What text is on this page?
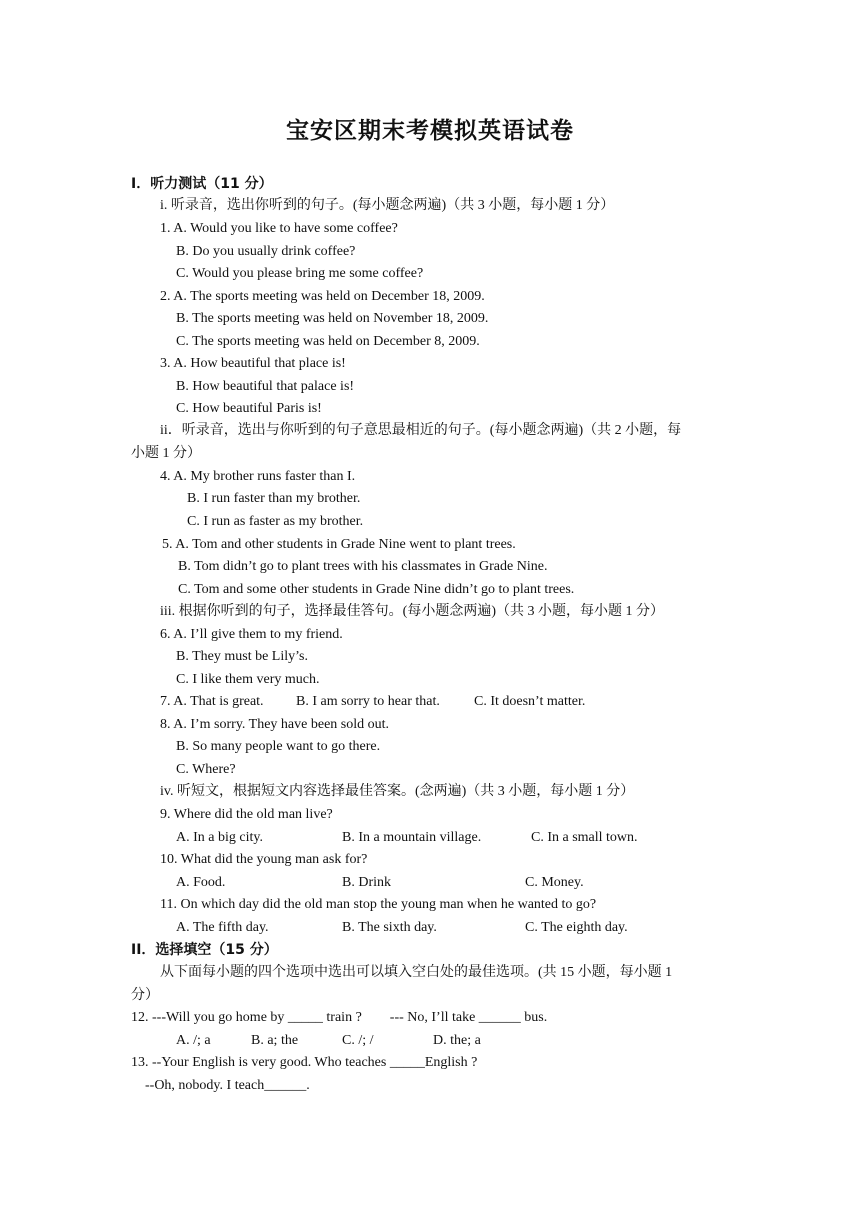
宝安区期末考模拟英语试卷
I．听力测试（11 分）
i. 听录音，选出你听到的句子。(每小题念两遍)（共 3 小题，每小题 1 分）
1. A. Would you like to have some coffee?
B. Do you usually drink coffee?
C. Would you please bring me some coffee?
2. A. The sports meeting was held on December 18, 2009.
B. The sports meeting was held on November 18, 2009.
C. The sports meeting was held on December 8, 2009.
3. A. How beautiful that place is!
B. How beautiful that palace is!
C. How beautiful Paris is!
ii．听录音，选出与你听到的句子意思最相近的句子。(每小题念两遍)（共 2 小题，每
小题 1 分）
4. A. My brother runs faster than I.
B. I run faster than my brother.
C. I run as faster as my brother.
5. A. Tom and other students in Grade Nine went to plant trees.
B. Tom didn’t go to plant trees with his classmates in Grade Nine.
C. Tom and some other students in Grade Nine didn’t go to plant trees.
iii. 根据你听到的句子，选择最佳答句。(每小题念两遍)（共 3 小题，每小题 1 分）
6. A. I’ll give them to my friend.
B. They must be Lily’s.
C. I like them very much.
7. A. That is great. B. I am sorry to hear that. C. It doesn’t matter.
8. A. I’m sorry. They have been sold out.
B. So many people want to go there.
C. Where?
iv. 听短文，根据短文内容选择最佳答案。(念两遍)（共 3 小题，每小题 1 分）
9. Where did the old man live?
A. In a big city.	B. In a mountain village.	C. In a small town.
10. What did the young man ask for?
A. Food.	B. Drink	C. Money.
11. On which day did the old man stop the young man when he wanted to go?
A. The fifth day.	B. The sixth day.	C. The eighth day.
II．选择填空（15 分）
从下面每小题的四个选项中选出可以填入空白处的最佳选项。(共 15 小题，每小题 1
分）
12. ---Will you go home by _____ train ?        --- No, I’ll take ______ bus.
A. /; a	B. a; the	C. /; /	D. the; a
13. --Your English is very good. Who teaches _____English ?
--Oh, nobody. I teach______.
